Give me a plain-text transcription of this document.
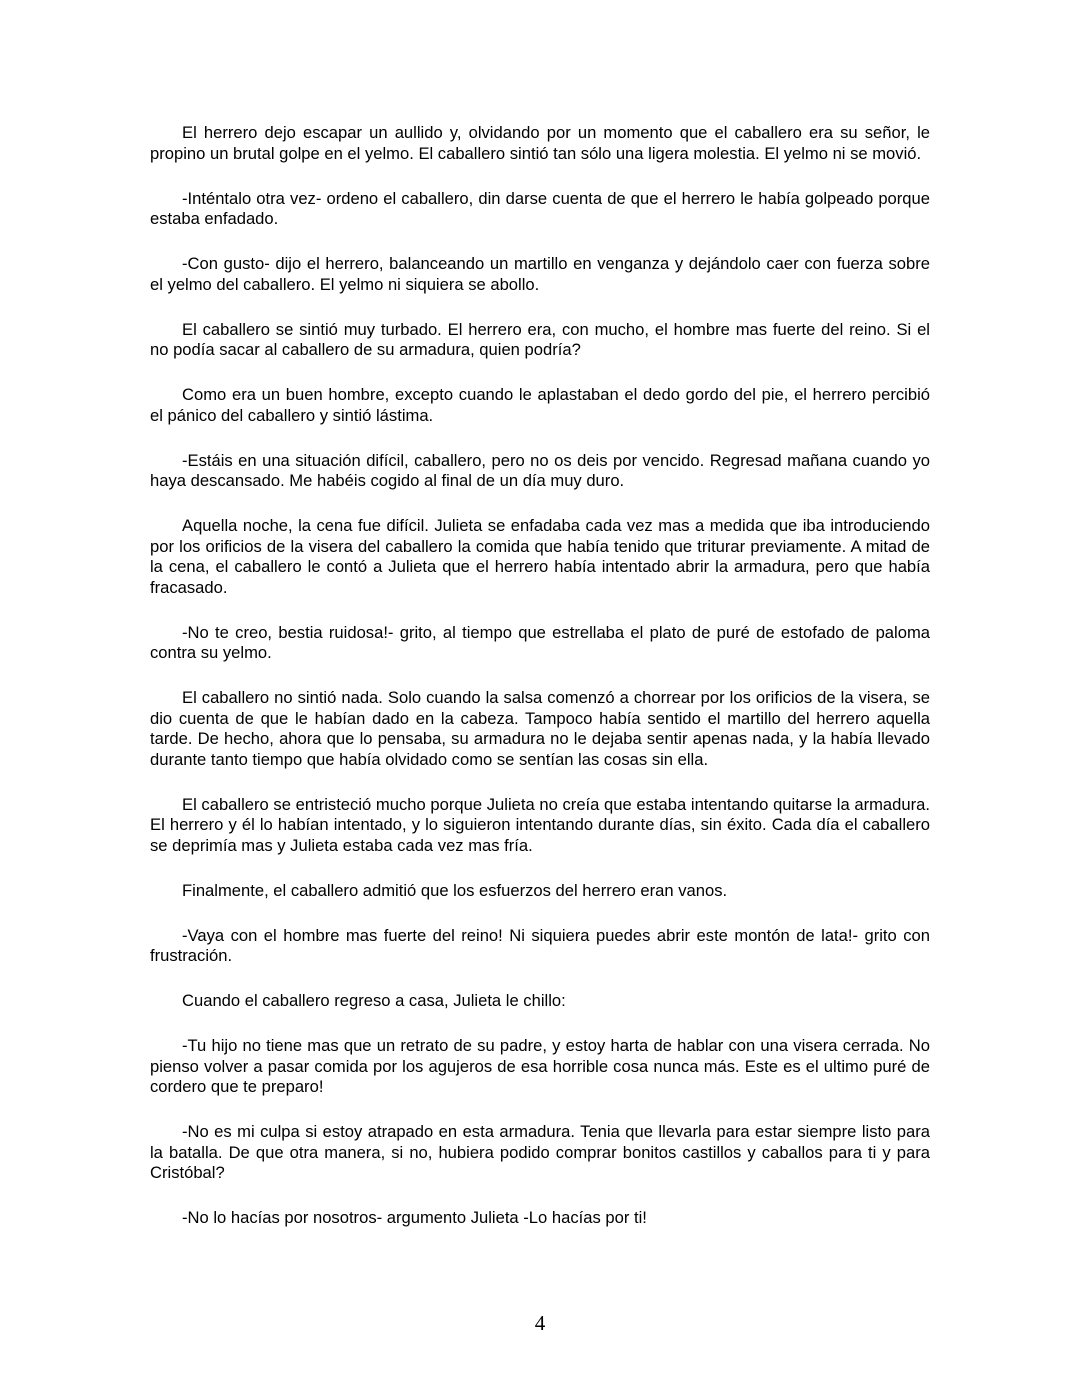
El herrero dejo escapar un aullido y, olvidando por un momento que el caballero era su señor, le propino un brutal golpe en el yelmo. El caballero sintió tan sólo una ligera molestia. El yelmo ni se movió.

-Inténtalo otra vez- ordeno el caballero, din darse cuenta de que el herrero le había golpeado porque estaba enfadado.

-Con gusto- dijo el herrero, balanceando un martillo en venganza y dejándolo caer con fuerza sobre el yelmo del caballero. El yelmo ni siquiera se abollo.

El caballero se sintió muy turbado. El herrero era, con mucho, el hombre mas fuerte del reino. Si el no podía sacar al caballero de su armadura, quien podría?

Como era un buen hombre, excepto cuando le aplastaban el dedo gordo del pie, el herrero percibió el pánico del caballero y sintió lástima.

-Estáis en una situación difícil, caballero, pero no os deis por vencido. Regresad mañana cuando yo haya descansado. Me habéis cogido al final de un día muy duro.

Aquella noche, la cena fue difícil. Julieta se enfadaba cada vez mas a medida que iba introduciendo por los orificios de la visera del caballero la comida que había tenido que triturar previamente. A mitad de la cena, el caballero le contó a Julieta que el herrero había intentado abrir la armadura, pero que había fracasado.

-No te creo, bestia ruidosa!- grito, al tiempo que estrellaba el plato de puré de estofado de paloma contra su yelmo.

El caballero no sintió nada. Solo cuando la salsa comenzó a chorrear por los orificios de la visera, se dio cuenta de que le habían dado en la cabeza. Tampoco había sentido el martillo del herrero aquella tarde. De hecho, ahora que lo pensaba, su armadura no le dejaba sentir apenas nada, y la había llevado durante tanto tiempo que había olvidado como se sentían las cosas sin ella.

El caballero se entristeció mucho porque Julieta no creía que estaba intentando quitarse la armadura. El herrero y él lo habían intentado, y lo siguieron intentando durante días, sin éxito. Cada día el caballero se deprimía mas y Julieta estaba cada vez mas fría.

Finalmente, el caballero admitió que los esfuerzos del herrero eran vanos.

-Vaya con el hombre mas fuerte del reino! Ni siquiera puedes abrir este montón de lata!- grito con frustración.

Cuando el caballero regreso a casa, Julieta le chillo:

-Tu hijo no tiene mas que un retrato de su padre, y estoy harta de hablar con una visera cerrada. No pienso volver a pasar comida por los agujeros de esa horrible cosa nunca más. Este es el ultimo puré de cordero que te preparo!

-No es mi culpa si estoy atrapado en esta armadura. Tenia que llevarla para estar siempre listo para la batalla. De que otra manera, si no, hubiera podido comprar bonitos castillos y caballos para ti y para Cristóbal?

-No lo hacías por nosotros- argumento Julieta -Lo hacías por ti!

4
